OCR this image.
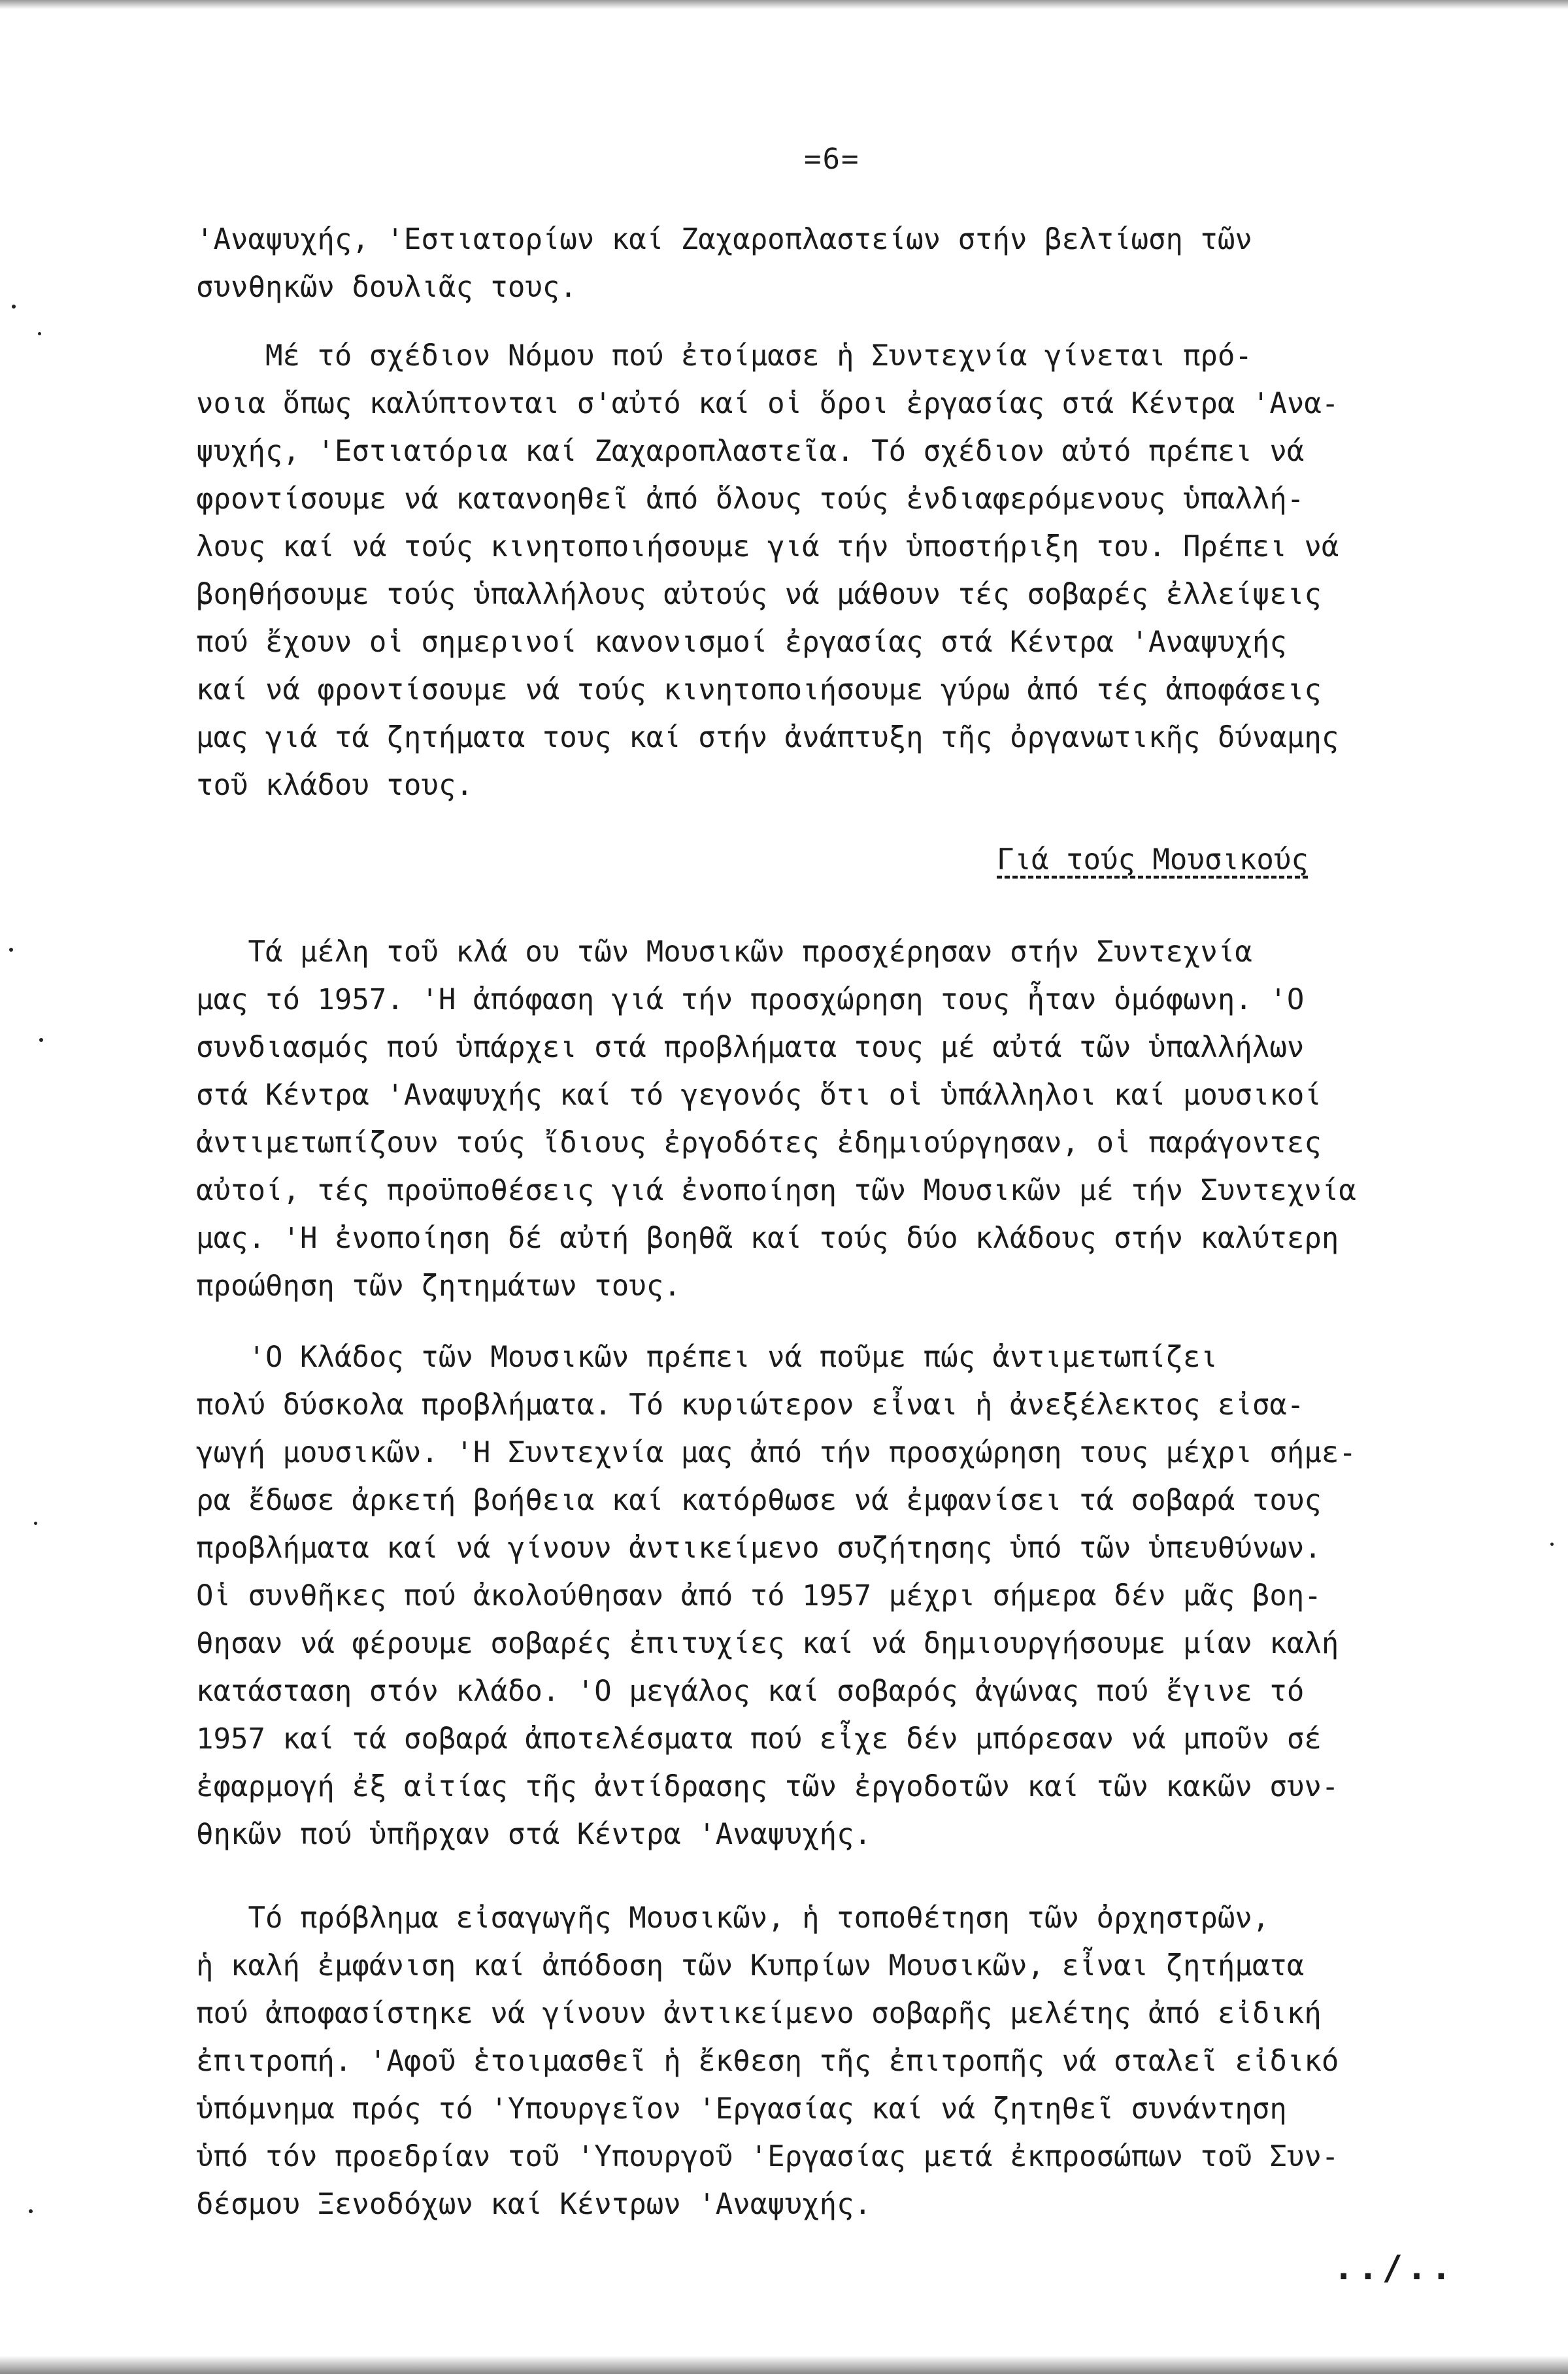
=6=
'Αναψυχής, 'Εστιατορίων καί Ζαχαροπλαστείων στήν βελτίωση τῶν
συνθηκῶν δουλιᾶς τους.
Μέ τό σχέδιον Νόμου πού ἐτοίμασε ἡ Συντεχνία γίνεται πρό-
νοια ὅπως καλύπτονται σ'αὐτό καί οἱ ὅροι ἐργασίας στά Κέντρα 'Ανα-
ψυχής, 'Εστιατόρια καί Ζαχαροπλαστεῖα. Τό σχέδιον αὐτό πρέπει νά
φροντίσουμε νά κατανοηθεῖ ἀπό ὅλους τούς ἐνδιαφερόμενους ὑπαλλή-
λους καί νά τούς κινητοποιήσουμε γιά τήν ὑποστήριξη του. Πρέπει νά
βοηθήσουμε τούς ὑπαλλήλους αὐτούς νά μάθουν τές σοβαρές ἐλλείψεις
πού ἔχουν οἱ σημερινοί κανονισμοί ἐργασίας στά Κέντρα 'Αναψυχής
καί νά φροντίσουμε νά τούς κινητοποιήσουμε γύρω ἀπό τές ἀποφάσεις
μας γιά τά ζητήματα τους καί στήν ἀνάπτυξη τῆς ὀργανωτικῆς δύναμης
τοῦ κλάδου τους.
Γιά τούς Μουσικούς
Τά μέλη τοῦ κλά ου τῶν Μουσικῶν προσχέρησαν στήν Συντεχνία
μας τό 1957. 'Η ἀπόφαση γιά τήν προσχώρηση τους ἦταν ὁμόφωνη. 'Ο
συνδιασμός πού ὑπάρχει στά προβλήματα τους μέ αὐτά τῶν ὑπαλλήλων
στά Κέντρα 'Αναψυχής καί τό γεγονός ὅτι οἱ ὑπάλληλοι καί μουσικοί
ἀντιμετωπίζουν τούς ἴδιους ἐργοδότες ἐδημιούργησαν, οἱ παράγοντες
αὐτοί, τές προϋποθέσεις γιά ἐνοποίηση τῶν Μουσικῶν μέ τήν Συντεχνία
μας. 'Η ἐνοποίηση δέ αὐτή βοηθᾶ καί τούς δύο κλάδους στήν καλύτερη
προώθηση τῶν ζητημάτων τους.
'Ο Κλάδος τῶν Μουσικῶν πρέπει νά ποῦμε πώς ἀντιμετωπίζει
πολύ δύσκολα προβλήματα. Τό κυριώτερον εἶναι ἡ ἀνεξέλεκτος εἰσα-
γωγή μουσικῶν. 'Η Συντεχνία μας ἀπό τήν προσχώρηση τους μέχρι σήμε-
ρα ἔδωσε ἀρκετή βοήθεια καί κατόρθωσε νά ἐμφανίσει τά σοβαρά τους
προβλήματα καί νά γίνουν ἀντικείμενο συζήτησης ὑπό τῶν ὑπευθύνων.
Οἱ συνθῆκες πού ἀκολούθησαν ἀπό τό 1957 μέχρι σήμερα δέν μᾶς βοη-
θησαν νά φέρουμε σοβαρές ἐπιτυχίες καί νά δημιουργήσουμε μίαν καλή
κατάσταση στόν κλάδο. 'Ο μεγάλος καί σοβαρός ἀγώνας πού ἔγινε τό
1957 καί τά σοβαρά ἀποτελέσματα πού εἶχε δέν μπόρεσαν νά μποῦν σέ
ἐφαρμογή ἐξ αἰτίας τῆς ἀντίδρασης τῶν ἐργοδοτῶν καί τῶν κακῶν συν-
θηκῶν πού ὑπῆρχαν στά Κέντρα 'Αναψυχής.
Τό πρόβλημα εἰσαγωγῆς Μουσικῶν, ἡ τοποθέτηση τῶν ὀρχηστρῶν,
ἡ καλή ἐμφάνιση καί ἀπόδοση τῶν Κυπρίων Μουσικῶν, εἶναι ζητήματα
πού ἀποφασίστηκε νά γίνουν ἀντικείμενο σοβαρῆς μελέτης ἀπό εἰδική
ἐπιτροπή. 'Αφοῦ ἑτοιμασθεῖ ἡ ἔκθεση τῆς ἐπιτροπῆς νά σταλεῖ εἰδικό
ὑπόμνημα πρός τό 'Υπουργεῖον 'Εργασίας καί νά ζητηθεῖ συνάντηση
ὑπό τόν προεδρίαν τοῦ 'Υπουργοῦ 'Εργασίας μετά ἐκπροσώπων τοῦ Συν-
δέσμου Ξενοδόχων καί Κέντρων 'Αναψυχής.
../..
